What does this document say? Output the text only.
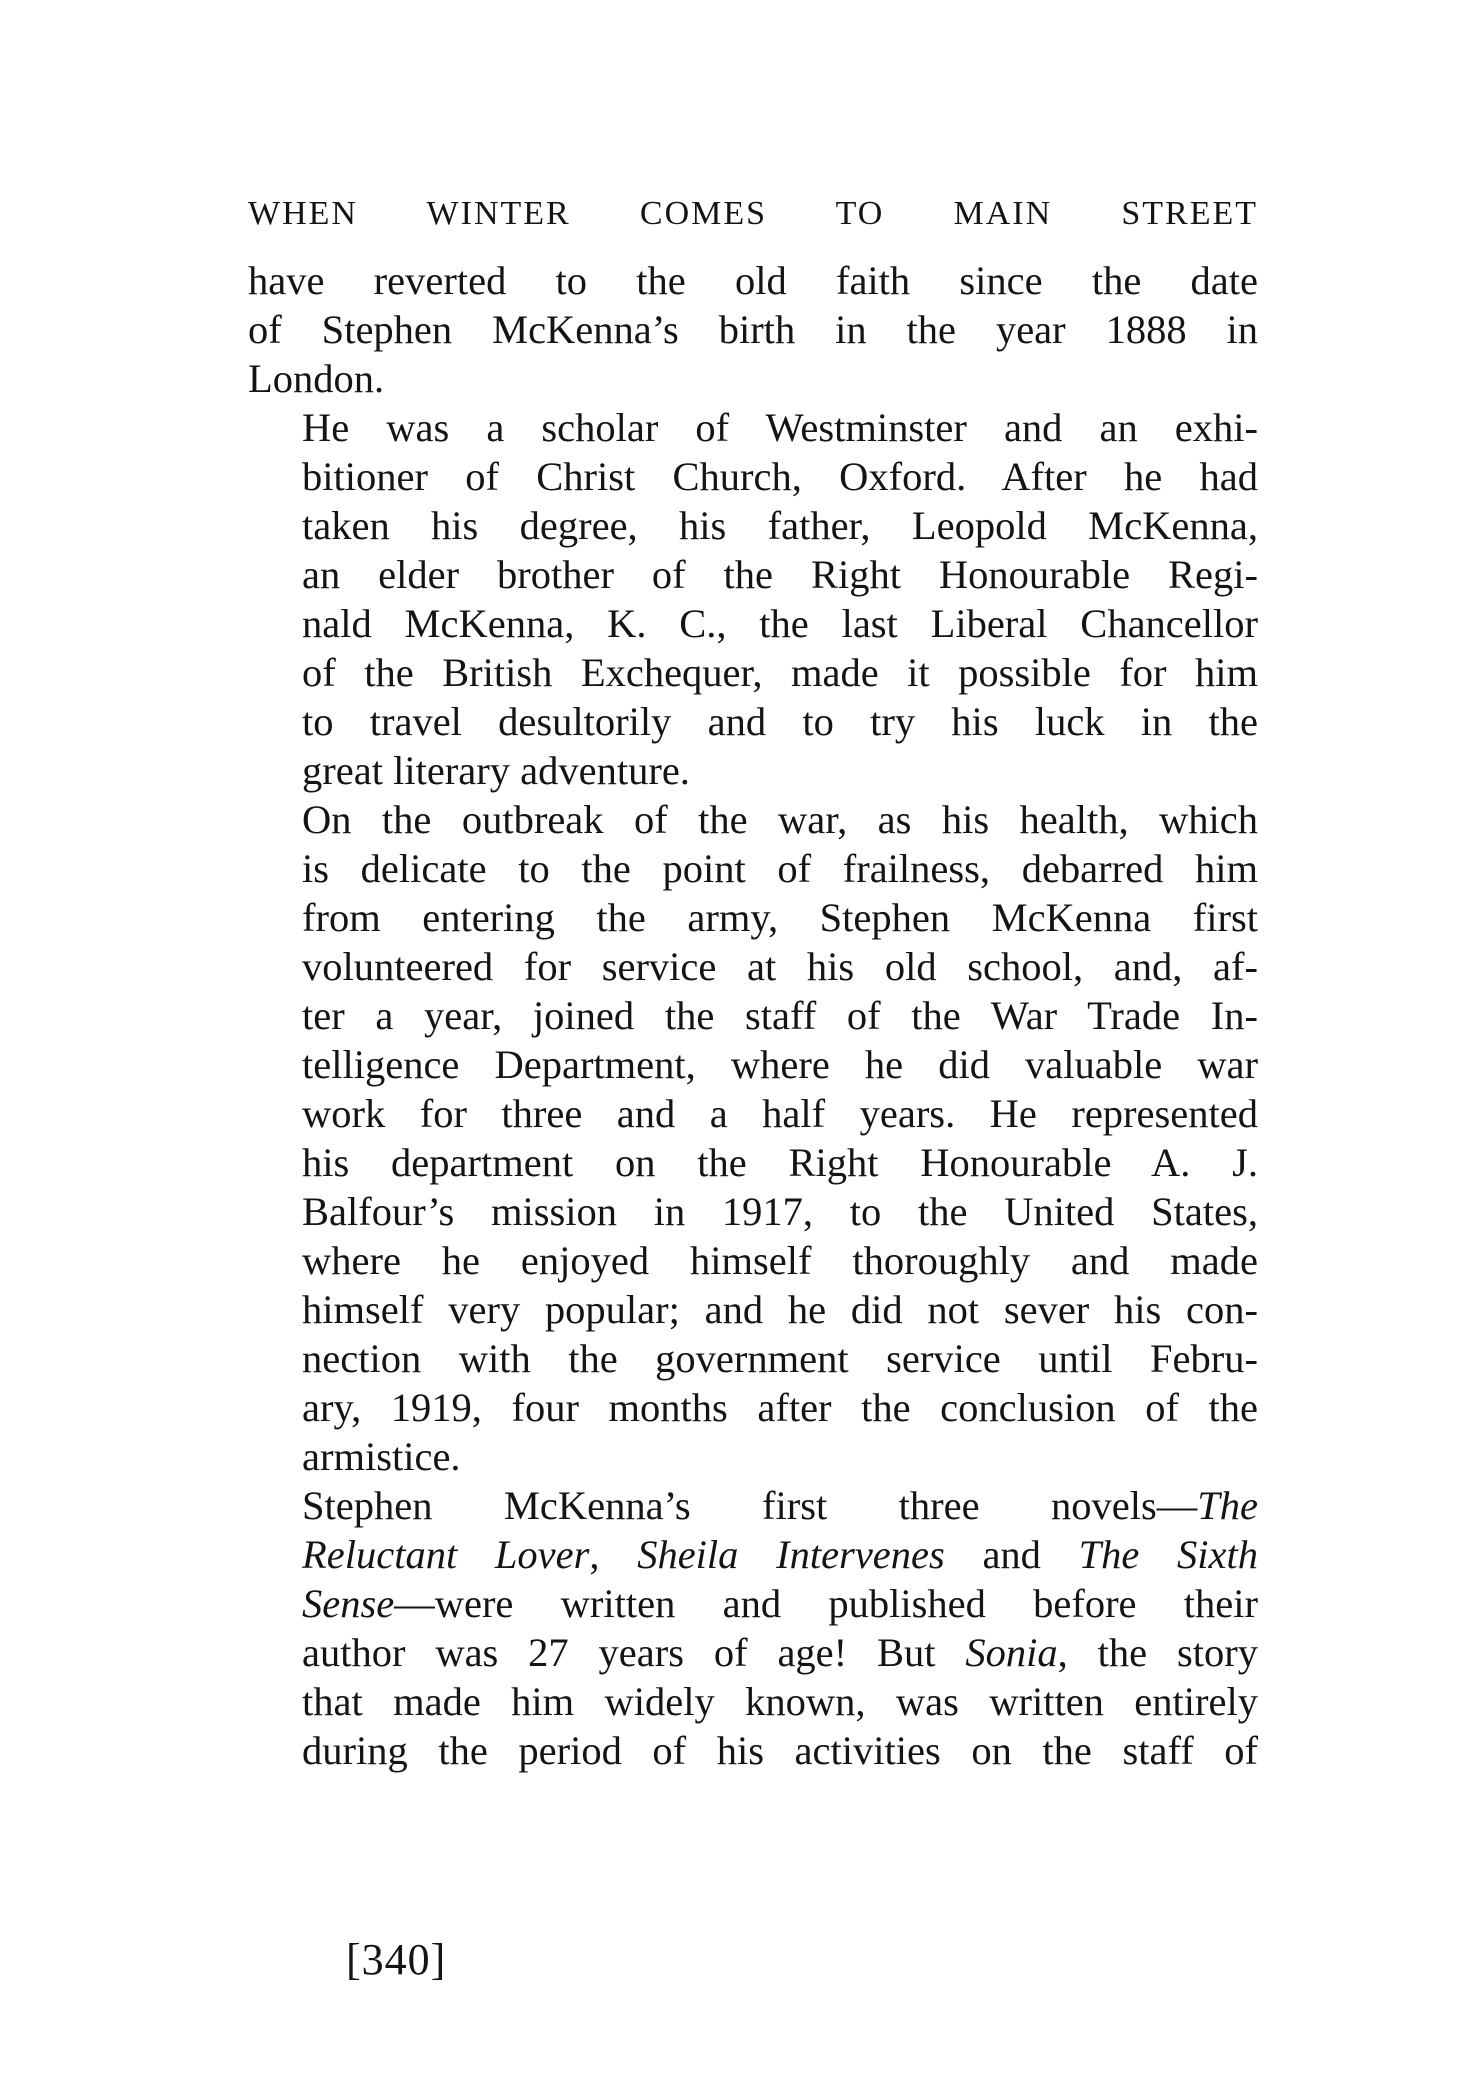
WHEN WINTER COMES TO MAIN STREET

have reverted to the old faith since the date
of Stephen McKenna’s birth in the year 1888 in
London.

He was a scholar of Westminster and an exhi-
bitioner of Christ Church, Oxford. After he had
taken his degree, his father, Leopold McKenna,
an elder brother of the Right Honourable Regi-
nald McKenna, K. C., the last Liberal Chancellor
of the British Exchequer, made it possible for him
to travel desultorily and to try his luck in the
great literary adventure.

On the outbreak of the war, as his health, which
is delicate to the point of frailness, debarred him
from entering the army, Stephen McKenna first
volunteered for service at his old school, and, af-
ter a year, joined the staff of the War Trade In-
telligence Department, where he did valuable war
work for three and a half years. He represented
his department on the Right Honourable A. J.
Balfour’s mission in 1917, to the United States,
where he enjoyed himself thoroughly and made
himself very popular; and he did not sever his con-
nection with the government service until Febru-
ary, 1919, four months after the conclusion of the
armistice.

Stephen McKenna’s first three novels—The
Reluctant Lover, Sheila Intervenes and The Sixth
Sense—were written and published before their
author was 27 years of age! But Sonia, the story
that made him widely known, was written entirely
during the period of his activities on the staff of

[340]
